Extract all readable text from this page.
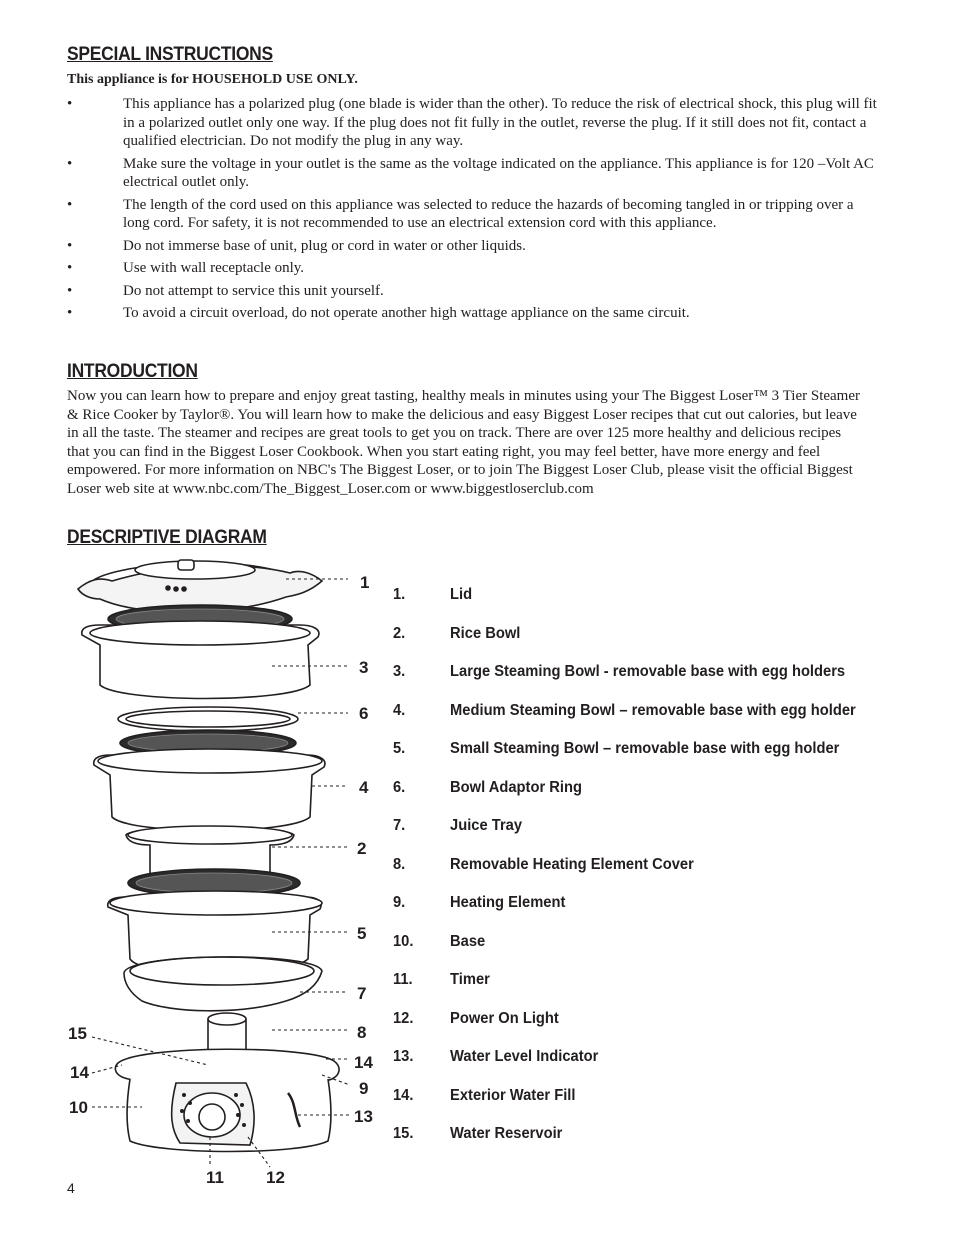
SPECIAL INSTRUCTIONS

This appliance is for HOUSEHOLD USE ONLY.

•	This appliance has a polarized plug (one blade is wider than the other). To reduce the risk of electrical shock, this plug will fit in a polarized outlet only one way. If the plug does not fit fully in the outlet, reverse the plug. If it still does not fit, contact a qualified electrician. Do not modify the plug in any way.
•	Make sure the voltage in your outlet is the same as the voltage indicated on the appliance. This appliance is for 120 –Volt AC electrical outlet only.
•	The length of the cord used on this appliance was selected to reduce the hazards of becoming tangled in or tripping over a long cord. For safety, it is not recommended to use an electrical extension cord with this appliance.
•	Do not immerse base of unit, plug or cord in water or other liquids.
•	Use with wall receptacle only.
•	Do not attempt to service this unit yourself.
•	To avoid a circuit overload, do not operate another high wattage appliance on the same circuit.
INTRODUCTION

Now you can learn how to prepare and enjoy great tasting, healthy meals in minutes using your The Biggest Loser™ 3 Tier Steamer & Rice Cooker by Taylor®. You will learn how to make the delicious and easy Biggest Loser recipes that cut out calories, but leave in all the taste. The steamer and recipes are great tools to get you on track. There are over 125 more healthy and delicious recipes that you can find in the Biggest Loser Cookbook. When you start eating right, you may feel better, have more energy and feel empowered. For more information on NBC's The Biggest Loser, or to join The Biggest Loser Club, please visit the official Biggest Loser web site at www.nbc.com/The_Biggest_Loser.com or www.biggestloserclub.com

DESCRIPTIVE DIAGRAM
1
3
6
4
2
5
7
8
14
9
13
15
14
10
11 12
1.	Lid
2.	Rice Bowl
3.	Large Steaming Bowl - removable base with egg holders
4.	Medium Steaming Bowl – removable base with egg holder
5.	Small Steaming Bowl – removable base with egg holder
6.	Bowl Adaptor Ring
7.	Juice Tray
8.	Removable Heating Element Cover
9.	Heating Element
10.	Base
11.	Timer
12.	Power On Light
13.	Water Level Indicator
14.	Exterior Water Fill
15.	Water Reservoir
4
